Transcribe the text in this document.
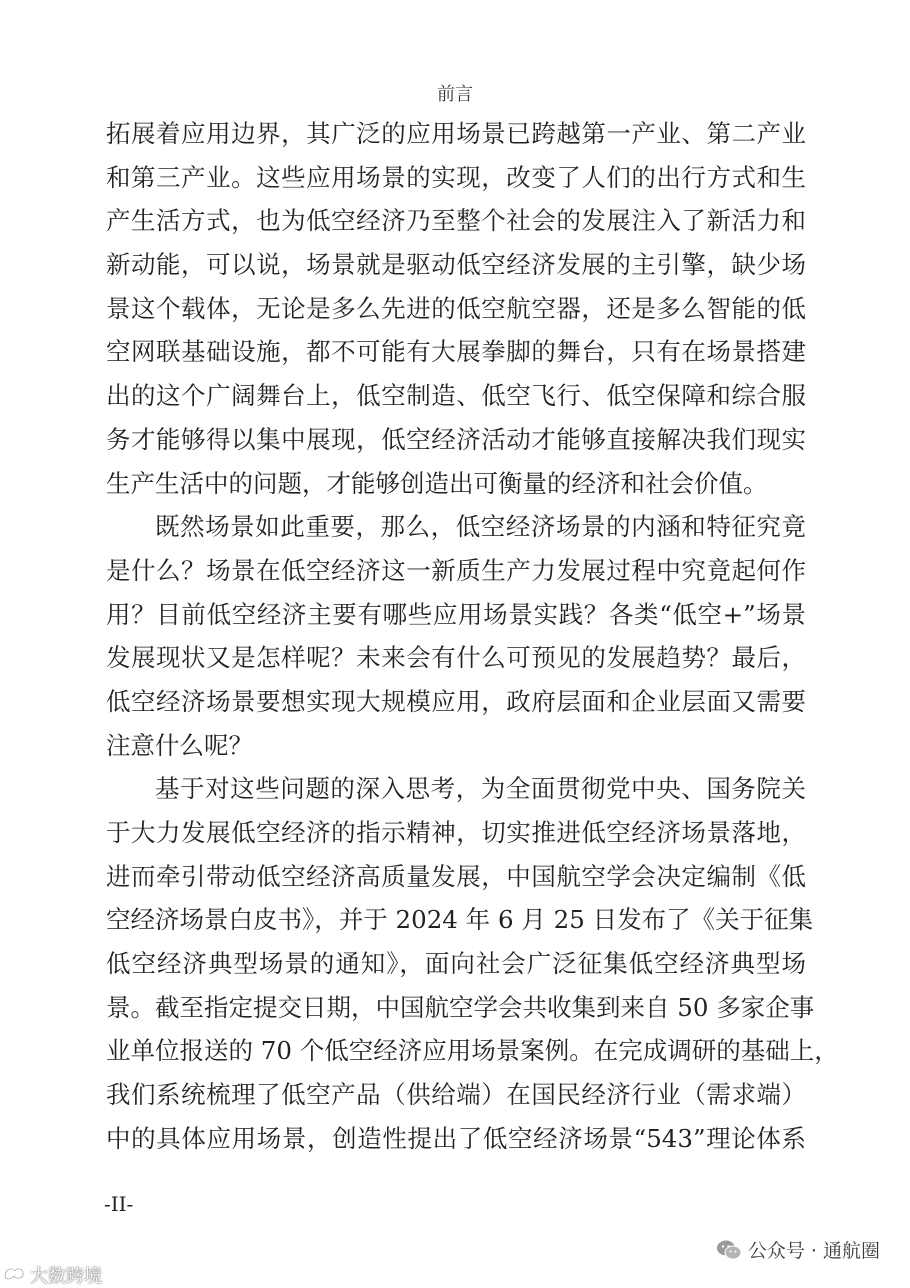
前言
拓展着应用边界，其广泛的应用场景已跨越第一产业、第二产业
和第三产业。这些应用场景的实现，改变了人们的出行方式和生
产生活方式，也为低空经济乃至整个社会的发展注入了新活力和
新动能，可以说，场景就是驱动低空经济发展的主引擎，缺少场
景这个载体，无论是多么先进的低空航空器，还是多么智能的低
空网联基础设施，都不可能有大展拳脚的舞台，只有在场景搭建
出的这个广阔舞台上，低空制造、低空飞行、低空保障和综合服
务才能够得以集中展现，低空经济活动才能够直接解决我们现实
生产生活中的问题，才能够创造出可衡量的经济和社会价值。
既然场景如此重要，那么，低空经济场景的内涵和特征究竟
是什么？场景在低空经济这一新质生产力发展过程中究竟起何作
用？目前低空经济主要有哪些应用场景实践？各类“低空+”场景
发展现状又是怎样呢？未来会有什么可预见的发展趋势？最后，
低空经济场景要想实现大规模应用，政府层面和企业层面又需要
注意什么呢？
基于对这些问题的深入思考，为全面贯彻党中央、国务院关
于大力发展低空经济的指示精神，切实推进低空经济场景落地，
进而牵引带动低空经济高质量发展，中国航空学会决定编制《低
空经济场景白皮书》，并于 2024 年 6 月 25 日发布了《关于征集
低空经济典型场景的通知》，面向社会广泛征集低空经济典型场
景。截至指定提交日期，中国航空学会共收集到来自 50 多家企事
业单位报送的 70 个低空经济应用场景案例。在完成调研的基础上，
我们系统梳理了低空产品（供给端）在国民经济行业（需求端）
中的具体应用场景，创造性提出了低空经济场景“543”理论体系
-II-
公众号 · 通航圈
大数跨境
